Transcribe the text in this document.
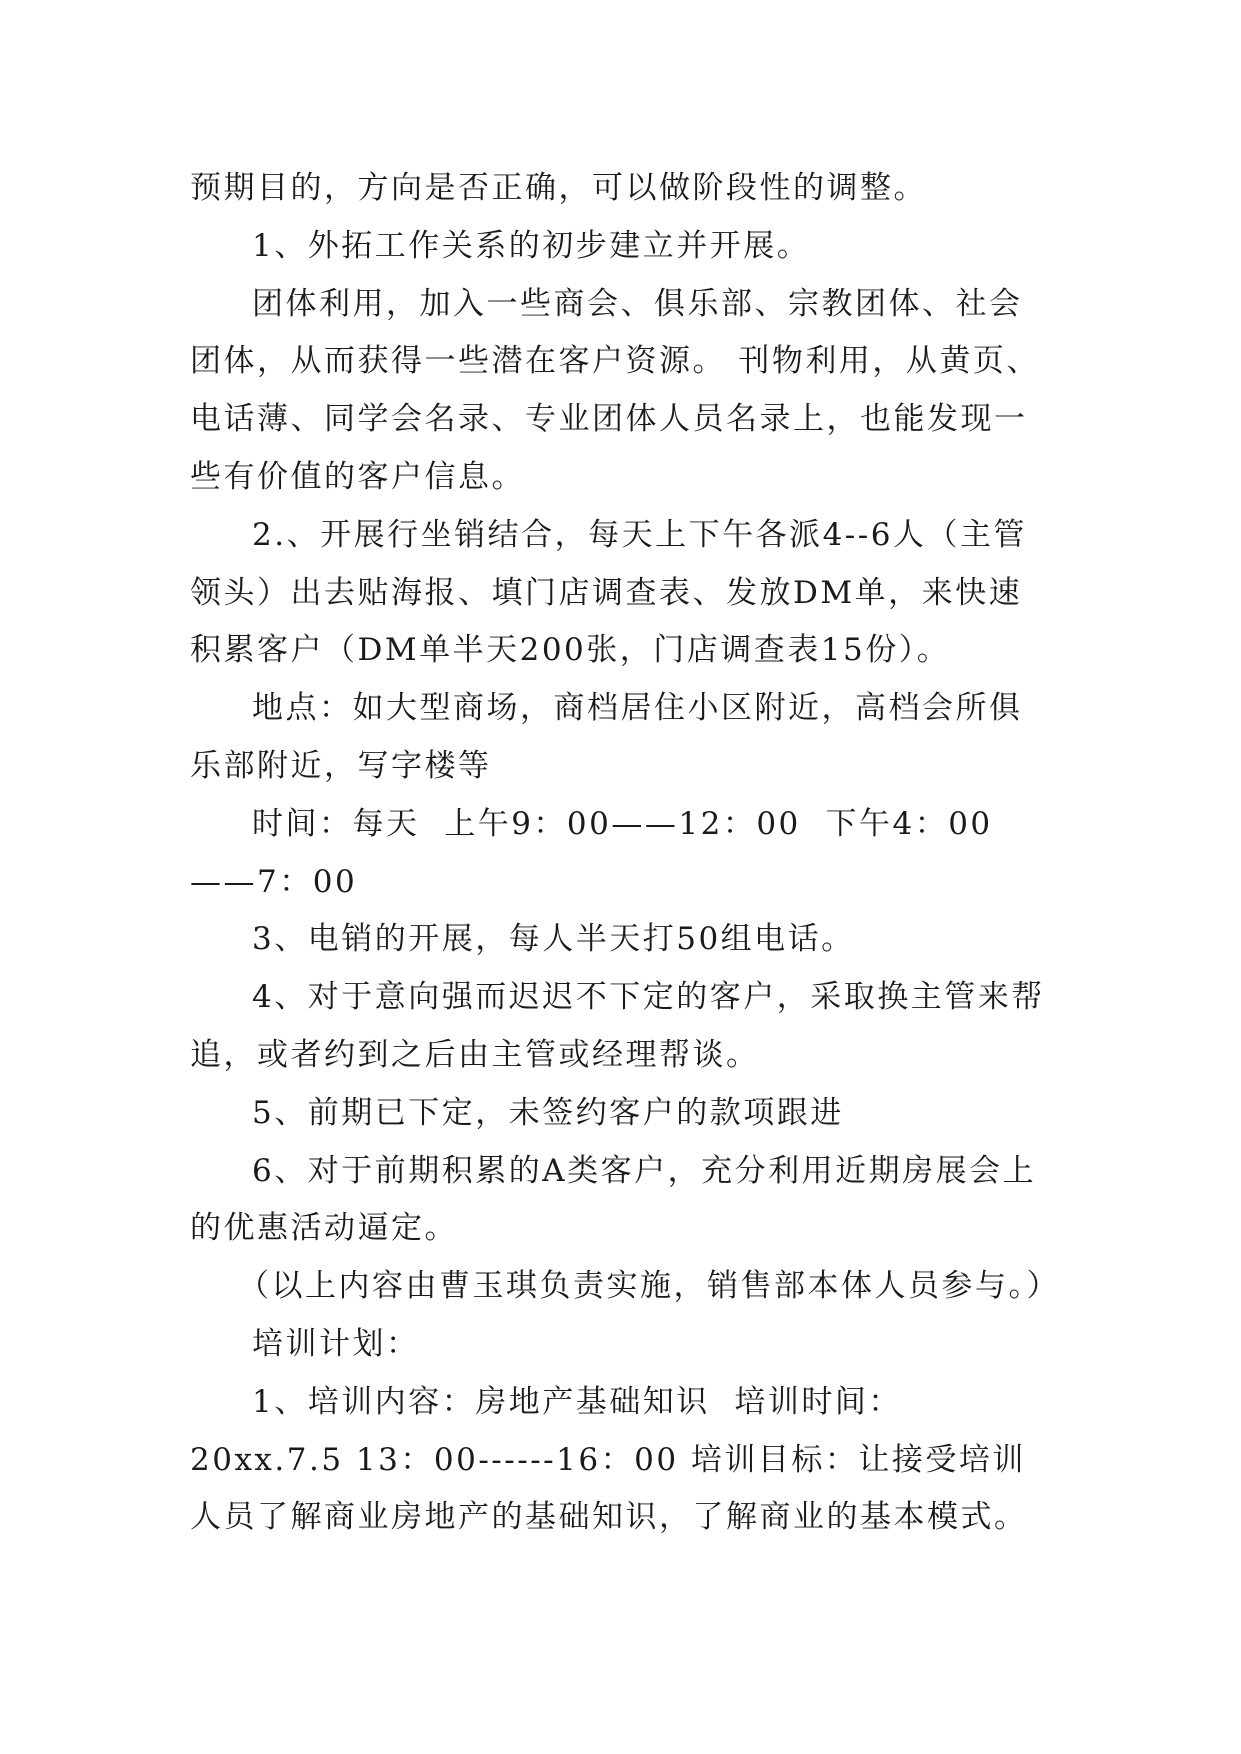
预期目的，方向是否正确，可以做阶段性的调整。

1、外拓工作关系的初步建立并开展。

团体利用，加入一些商会、俱乐部、宗教团体、社会团体，从而获得一些潜在客户资源。 刊物利用，从黄页、电话薄、同学会名录、专业团体人员名录上，也能发现一些有价值的客户信息。

2.、开展行坐销结合，每天上下午各派4--6人（主管领头）出去贴海报、填门店调查表、发放DM单，来快速积累客户（DM单半天200张，门店调查表15份）。

地点：如大型商场，商档居住小区附近，高档会所俱乐部附近，写字楼等

时间：每天  上午9：00——12：00  下午4：00——7：00

3、电销的开展，每人半天打50组电话。

4、对于意向强而迟迟不下定的客户，采取换主管来帮追，或者约到之后由主管或经理帮谈。

5、前期已下定，未签约客户的款项跟进

6、对于前期积累的A类客户，充分利用近期房展会上的优惠活动逼定。

（以上内容由曹玉琪负责实施，销售部本体人员参与。）

培训计划：

1、培训内容：房地产基础知识  培训时间：20xx.7.5 13：00------16：00 培训目标：让接受培训人员了解商业房地产的基础知识，了解商业的基本模式。
